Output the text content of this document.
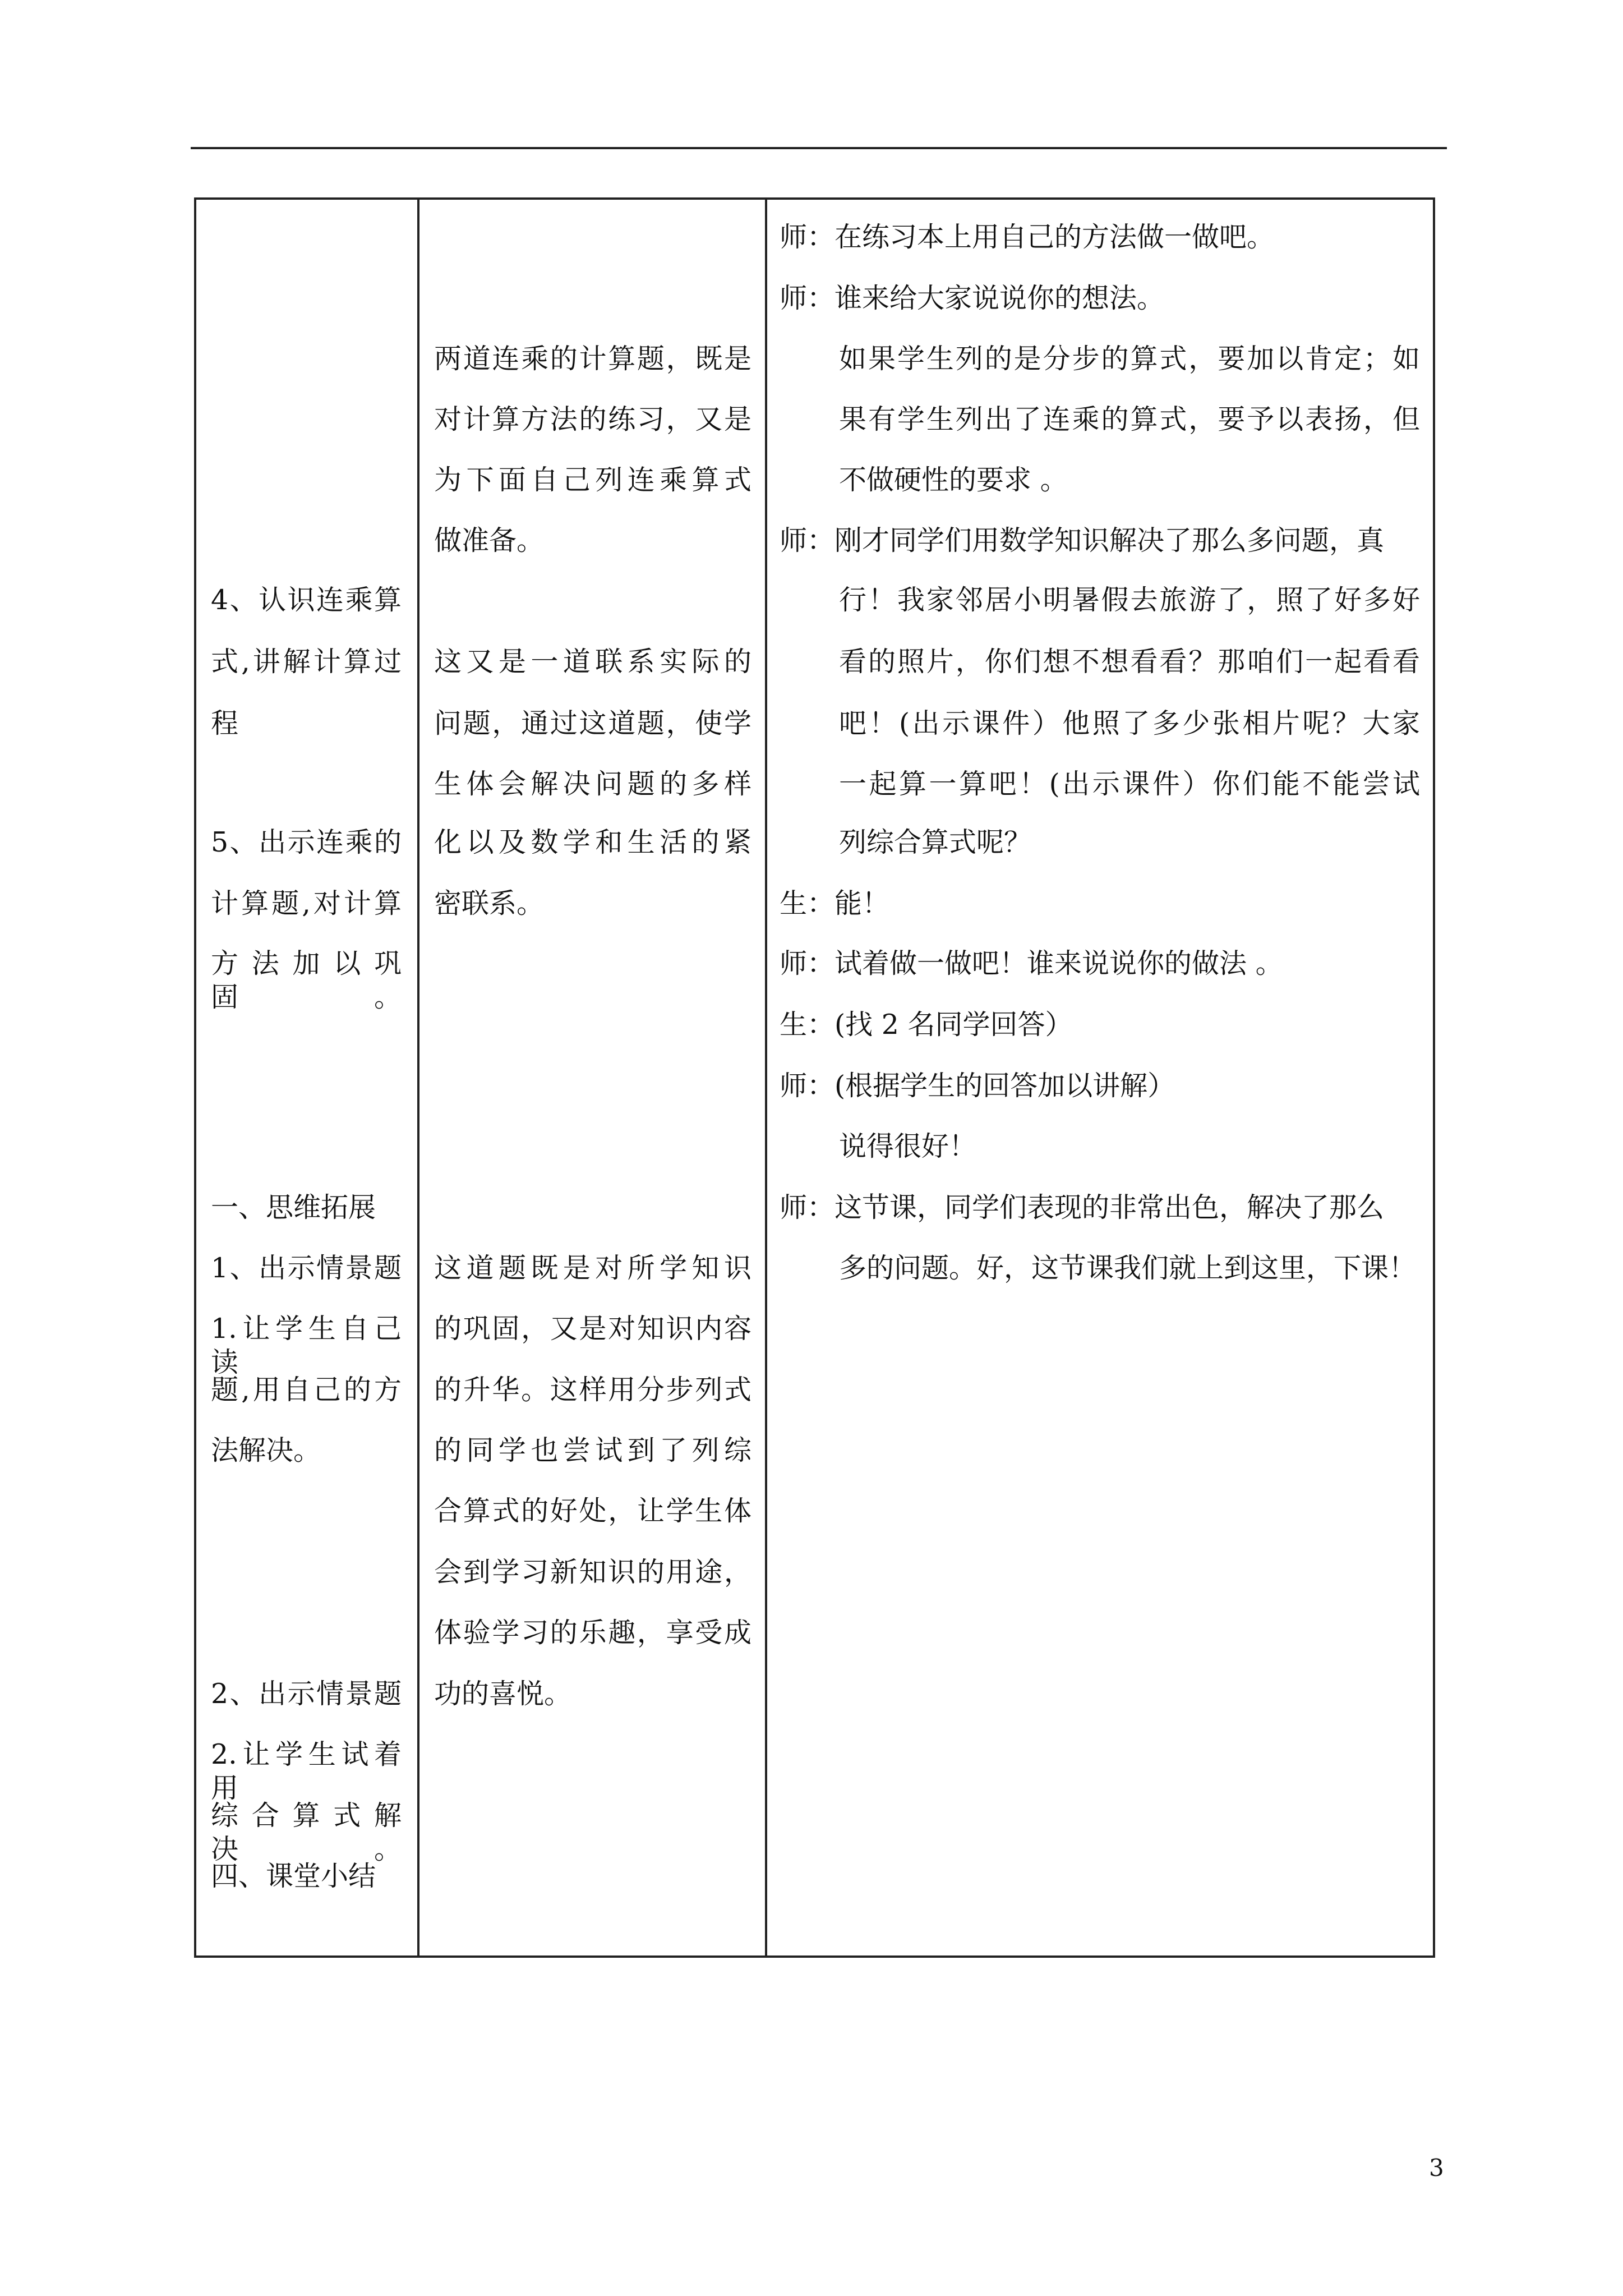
4、认识连乘算
式,讲解计算过
程
5、出示连乘的
计算题,对计算
方法加以巩固。
一、思维拓展
1、出示情景题
1.让学生自己读
题,用自己的方
法解决。
2、出示情景题
2.让学生试着用
综合算式解决。
四、课堂小结
两道连乘的计算题，既是
对计算方法的练习，又是
为下面自己列连乘算式
做准备。
这又是一道联系实际的
问题，通过这道题，使学
生体会解决问题的多样
化以及数学和生活的紧
密联系。
这道题既是对所学知识
的巩固，又是对知识内容
的升华。这样用分步列式
的同学也尝试到了列综
合算式的好处，让学生体
会到学习新知识的用途，
体验学习的乐趣，享受成
功的喜悦。
师：在练习本上用自己的方法做一做吧。
师：谁来给大家说说你的想法。
如果学生列的是分步的算式，要加以肯定；如
果有学生列出了连乘的算式，要予以表扬，但
不做硬性的要求 。
师：刚才同学们用数学知识解决了那么多问题，真
行！我家邻居小明暑假去旅游了，照了好多好
看的照片，你们想不想看看？那咱们一起看看
吧！(出示课件）他照了多少张相片呢？大家
一起算一算吧！(出示课件）你们能不能尝试
列综合算式呢？
生：能！
师：试着做一做吧！谁来说说你的做法 。
生：(找 2 名同学回答）
师：(根据学生的回答加以讲解）
说得很好！
师：这节课，同学们表现的非常出色，解决了那么
多的问题。好，这节课我们就上到这里，下课！
3
